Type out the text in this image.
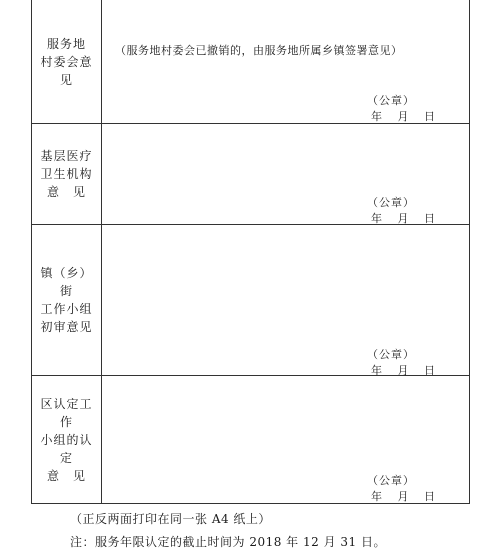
服务地
村委会意见
（服务地村委会已撤销的，由服务地所属乡镇签署意见）
（公章）
年 月 日
基层医疗
卫生机构
意　见
（公章）
年 月 日
镇（乡）街
工作小组
初审意见
（公章）
年 月 日
区认定工作
小组的认定
意　见	（公章）
年 月 日
（正反两面打印在同一张 A4 纸上）
注：服务年限认定的截止时间为 2018 年 12 月 31 日。
